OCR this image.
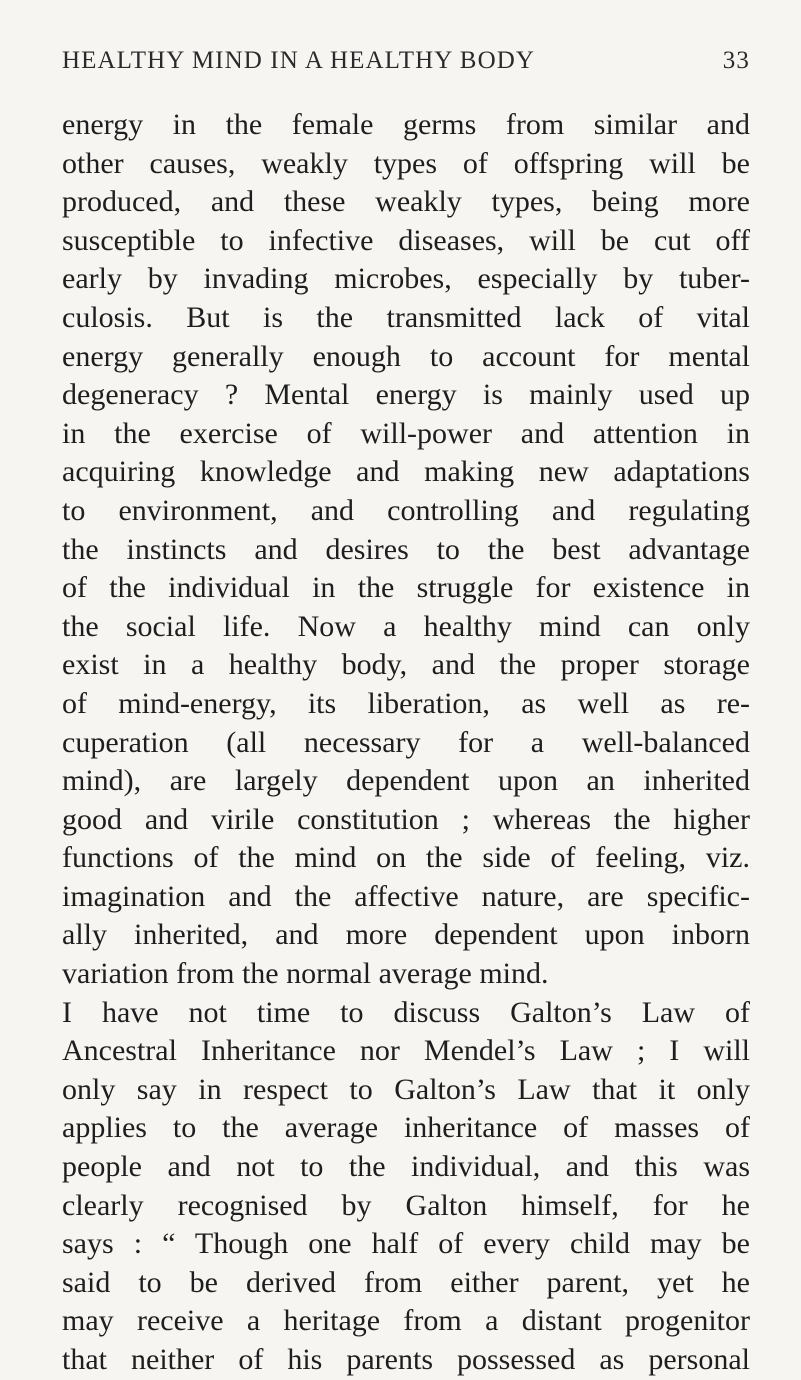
HEALTHY MIND IN A HEALTHY BODY	33
energy in the female germs from similar and
other causes, weakly types of offspring will be
produced, and these weakly types, being more
susceptible to infective diseases, will be cut off
early by invading microbes, especially by tuber-
culosis. But is the transmitted lack of vital
energy generally enough to account for mental
degeneracy ? Mental energy is mainly used up
in the exercise of will-power and attention in
acquiring knowledge and making new adaptations
to environment, and controlling and regulating
the instincts and desires to the best advantage
of the individual in the struggle for existence in
the social life. Now a healthy mind can only
exist in a healthy body, and the proper storage
of mind-energy, its liberation, as well as re-
cuperation (all necessary for a well-balanced
mind), are largely dependent upon an inherited
good and virile constitution ; whereas the higher
functions of the mind on the side of feeling, viz.
imagination and the affective nature, are specific-
ally inherited, and more dependent upon inborn
variation from the normal average mind.
I have not time to discuss Galton’s Law of
Ancestral Inheritance nor Mendel’s Law ; I will
only say in respect to Galton’s Law that it only
applies to the average inheritance of masses of
people and not to the individual, and this was
clearly recognised by Galton himself, for he
says : “ Though one half of every child may be
said to be derived from either parent, yet he
may receive a heritage from a distant progenitor
that neither of his parents possessed as personal
